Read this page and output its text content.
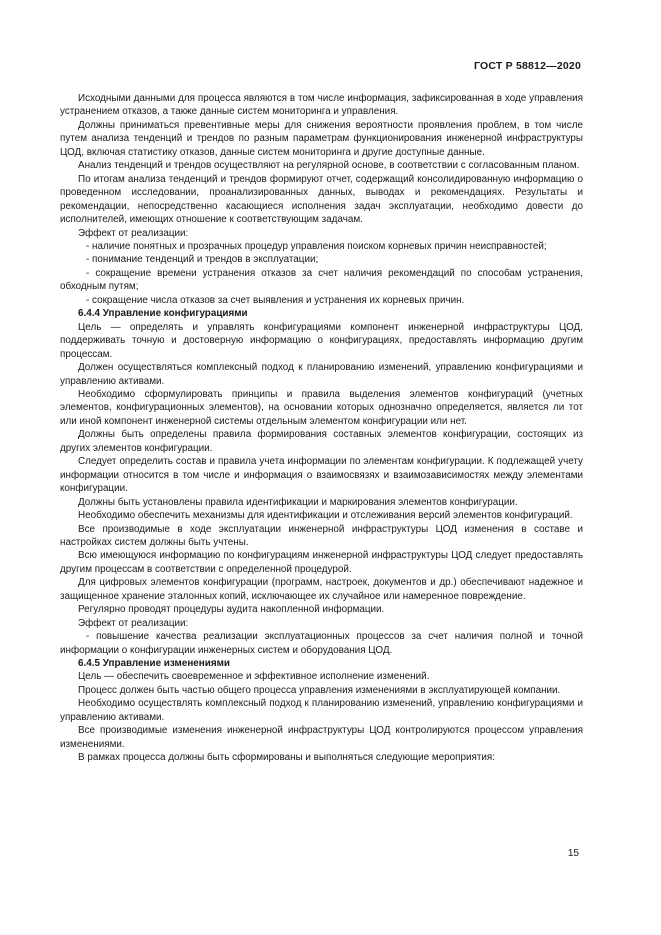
ГОСТ Р 58812—2020

Исходными данными для процесса являются в том числе информация, зафиксированная в ходе управления устранением отказов, а также данные систем мониторинга и управления.

Должны приниматься превентивные меры для снижения вероятности проявления проблем, в том числе путем анализа тенденций и трендов по разным параметрам функционирования инженерной инфраструктуры ЦОД, включая статистику отказов, данные систем мониторинга и другие доступные данные.

Анализ тенденций и трендов осуществляют на регулярной основе, в соответствии с согласованным планом.

По итогам анализа тенденций и трендов формируют отчет, содержащий консолидированную информацию о проведенном исследовании, проанализированных данных, выводах и рекомендациях. Результаты и рекомендации, непосредственно касающиеся исполнения задач эксплуатации, необходимо довести до исполнителей, имеющих отношение к соответствующим задачам.

Эффект от реализации:

- наличие понятных и прозрачных процедур управления поиском корневых причин неисправностей;

- понимание тенденций и трендов в эксплуатации;

- сокращение времени устранения отказов за счет наличия рекомендаций по способам устранения, обходным путям;

- сокращение числа отказов за счет выявления и устранения их корневых причин.

6.4.4 Управление конфигурациями

Цель — определять и управлять конфигурациями компонент инженерной инфраструктуры ЦОД, поддерживать точную и достоверную информацию о конфигурациях, предоставлять информацию другим процессам.

Должен осуществляться комплексный подход к планированию изменений, управлению конфигурациями и управлению активами.

Необходимо сформулировать принципы и правила выделения элементов конфигураций (учетных элементов, конфигурационных элементов), на основании которых однозначно определяется, является ли тот или иной компонент инженерной системы отдельным элементом конфигурации или нет.

Должны быть определены правила формирования составных элементов конфигурации, состоящих из других элементов конфигурации.

Следует определить состав и правила учета информации по элементам конфигурации. К подлежащей учету информации относится в том числе и информация о взаимосвязях и взаимозависимостях между элементами конфигурации.

Должны быть установлены правила идентификации и маркирования элементов конфигурации.

Необходимо обеспечить механизмы для идентификации и отслеживания версий элементов конфигураций.

Все производимые в ходе эксплуатации инженерной инфраструктуры ЦОД изменения в составе и настройках систем должны быть учтены.

Всю имеющуюся информацию по конфигурациям инженерной инфраструктуры ЦОД следует предоставлять другим процессам в соответствии с определенной процедурой.

Для цифровых элементов конфигурации (программ, настроек, документов и др.) обеспечивают надежное и защищенное хранение эталонных копий, исключающее их случайное или намеренное повреждение.

Регулярно проводят процедуры аудита накопленной информации.

Эффект от реализации:

- повышение качества реализации эксплуатационных процессов за счет наличия полной и точной информации о конфигурации инженерных систем и оборудования ЦОД.

6.4.5 Управление изменениями

Цель — обеспечить своевременное и эффективное исполнение изменений.

Процесс должен быть частью общего процесса управления изменениями в эксплуатирующей компании.

Необходимо осуществлять комплексный подход к планированию изменений, управлению конфигурациями и управлению активами.

Все производимые изменения инженерной инфраструктуры ЦОД контролируются процессом управления изменениями.

В рамках процесса должны быть сформированы и выполняться следующие мероприятия:

15
